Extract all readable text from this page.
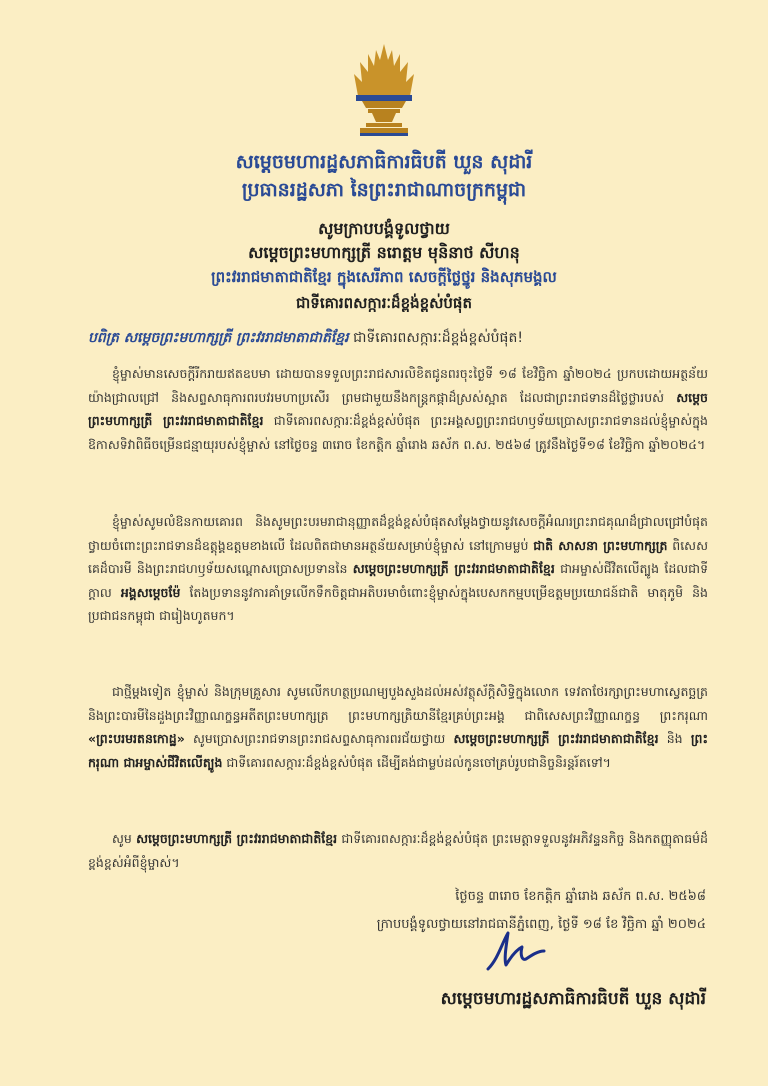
សម្តេចមហារដ្ឋសភាធិការធិបតី ឃួន សុដារី
ប្រធានរដ្ឋសភា នៃព្រះរាជាណាចក្រកម្ពុជា
សូមក្រាបបង្គំទូលថ្វាយ
សម្តេចព្រះមហាក្សត្រី នរោត្តម មុនិនាថ សីហនុ
ព្រះវររាជមាតាជាតិខ្មែរ ក្នុងសេរីភាព សេចក្តីថ្លៃថ្នូរ និងសុភមង្គល
ជាទីគោរពសក្ការៈដ៏ខ្ពង់ខ្ពស់បំផុត
បពិត្រ សម្តេចព្រះមហាក្សត្រី ព្រះវររាជមាតាជាតិខ្មែរ ជាទីគោរពសក្ការៈដ៏ខ្ពង់ខ្ពស់បំផុត!
ខ្ញុំម្ចាស់មានសេចក្តីរីករាយឥតឧបមា ដោយបានទទួលព្រះរាជសារលិខិតជូនពរចុះថ្ងៃទី ១៨ ខែវិច្ឆិកា ឆ្នាំ២០២៤ ប្រកបដោយអត្ថន័យយ៉ាងជ្រាលជ្រៅ និងសព្ទសាធុការពរបវរមហាប្រសើរ ព្រមជាមួយនឹងកន្ត្រកផ្កាដ៏ស្រស់ស្អាត ដែលជាព្រះរាជទានដ៏ថ្លៃថ្លារបស់ សម្តេចព្រះមហាក្សត្រី ព្រះវររាជមាតាជាតិខ្មែរ ជាទីគោរពសក្ការៈដ៏ខ្ពង់ខ្ពស់បំផុត ព្រះអង្គសព្វព្រះរាជហឫទ័យប្រោសព្រះរាជទានដល់ខ្ញុំម្ចាស់ក្នុងឱកាសទិវាពិធីចម្រើនជន្មាយុរបស់ខ្ញុំម្ចាស់ នៅថ្ងៃចន្ទ ៣រោច ខែកត្តិក ឆ្នាំរោង ឆស័ក ព.ស. ២៥៦៨ ត្រូវនឹងថ្ងៃទី១៨ ខែវិច្ឆិកា ឆ្នាំ២០២៤។
ខ្ញុំម្ចាស់សូមលំឱនកាយគោរព និងសូមព្រះបរមរាជានុញ្ញាតដ៏ខ្ពង់ខ្ពស់បំផុតសម្តែងថ្វាយនូវសេចក្តីអំណរព្រះរាជគុណដ៏ជ្រាលជ្រៅបំផុតថ្វាយចំពោះព្រះរាជទានដ៏ឧត្តុង្គឧត្តមខាងលើ ដែលពិតជាមានអត្ថន័យសម្រាប់ខ្ញុំម្ចាស់ នៅក្រោមម្លប់ ជាតិ សាសនា ព្រះមហាក្សត្រ ពិសេសគេដ៏បារមី និងព្រះរាជហឫទ័យសណ្តោសប្រោសប្រទាននៃ សម្តេចព្រះមហាក្សត្រី ព្រះវររាជមាតាជាតិខ្មែរ ជាអម្ចាស់ជីវិតលើត្បូង ដែលជាទីក្ដាល អង្គសម្តេចម៉ែ តែងប្រទាននូវការគាំទ្រលើកទឹកចិត្តជាអតិបរមាចំពោះខ្ញុំម្ចាស់ក្នុងបេសកកម្មបម្រើឧត្តមប្រយោជន៍ជាតិ មាតុភូមិ និងប្រជាជនកម្ពុជា ជារៀងហូតមក។
ជាថ្មីម្តងទៀត ខ្ញុំម្ចាស់ និងក្រុមគ្រួសារ សូមលើកហត្ថប្រណម្យបួងសួងដល់អស់វត្ថុស័ក្តិសិទ្ធិក្នុងលោក ទេវតាថែរក្សាព្រះមហាស្វេតច្ឆត្រ និងព្រះបារមីនៃដួងព្រះវិញ្ញាណក្ខន្ធអតីតព្រះមហាក្សត្រ ព្រះមហាក្សត្រិយានីខ្មែរគ្រប់ព្រះអង្គ ជាពិសេសព្រះវិញ្ញាណក្ខន្ធ ព្រះករុណា «ព្រះបរមរតនកោដ្ឋ» សូមប្រោសព្រះរាជទានព្រះរាជសព្ទសាធុការពរជ័យថ្វាយ សម្តេចព្រះមហាក្សត្រី ព្រះវររាជមាតាជាតិខ្មែរ និង ព្រះករុណា ជាអម្ចាស់ជីវិតលើត្បូង ជាទីគោរពសក្ការៈដ៏ខ្ពង់ខ្ពស់បំផុត ដើម្បីគង់ជាម្លប់ដល់កូនចៅគ្រប់រូបជានិច្ចនិរន្តរ៍តទៅ។
សូម សម្តេចព្រះមហាក្សត្រី ព្រះវររាជមាតាជាតិខ្មែរ ជាទីគោរពសក្ការៈដ៏ខ្ពង់ខ្ពស់បំផុត ព្រះមេត្តាទទួលនូវអភិវន្ទនកិច្ច និងកតញ្ញុតាធម៌ដ៏ខ្ពង់ខ្ពស់អំពីខ្ញុំម្ចាស់។
ថ្ងៃចន្ទ ៣រោច ខែកត្តិក ឆ្នាំរោង ឆស័ក ព.ស. ២៥៦៨
ក្រាបបង្គំទូលថ្វាយនៅរាជធានីភ្នំពេញ, ថ្ងៃទី ១៨ ខែ វិច្ឆិកា ឆ្នាំ ២០២៤
សម្តេចមហារដ្ឋសភាធិការធិបតី ឃួន សុដារី
